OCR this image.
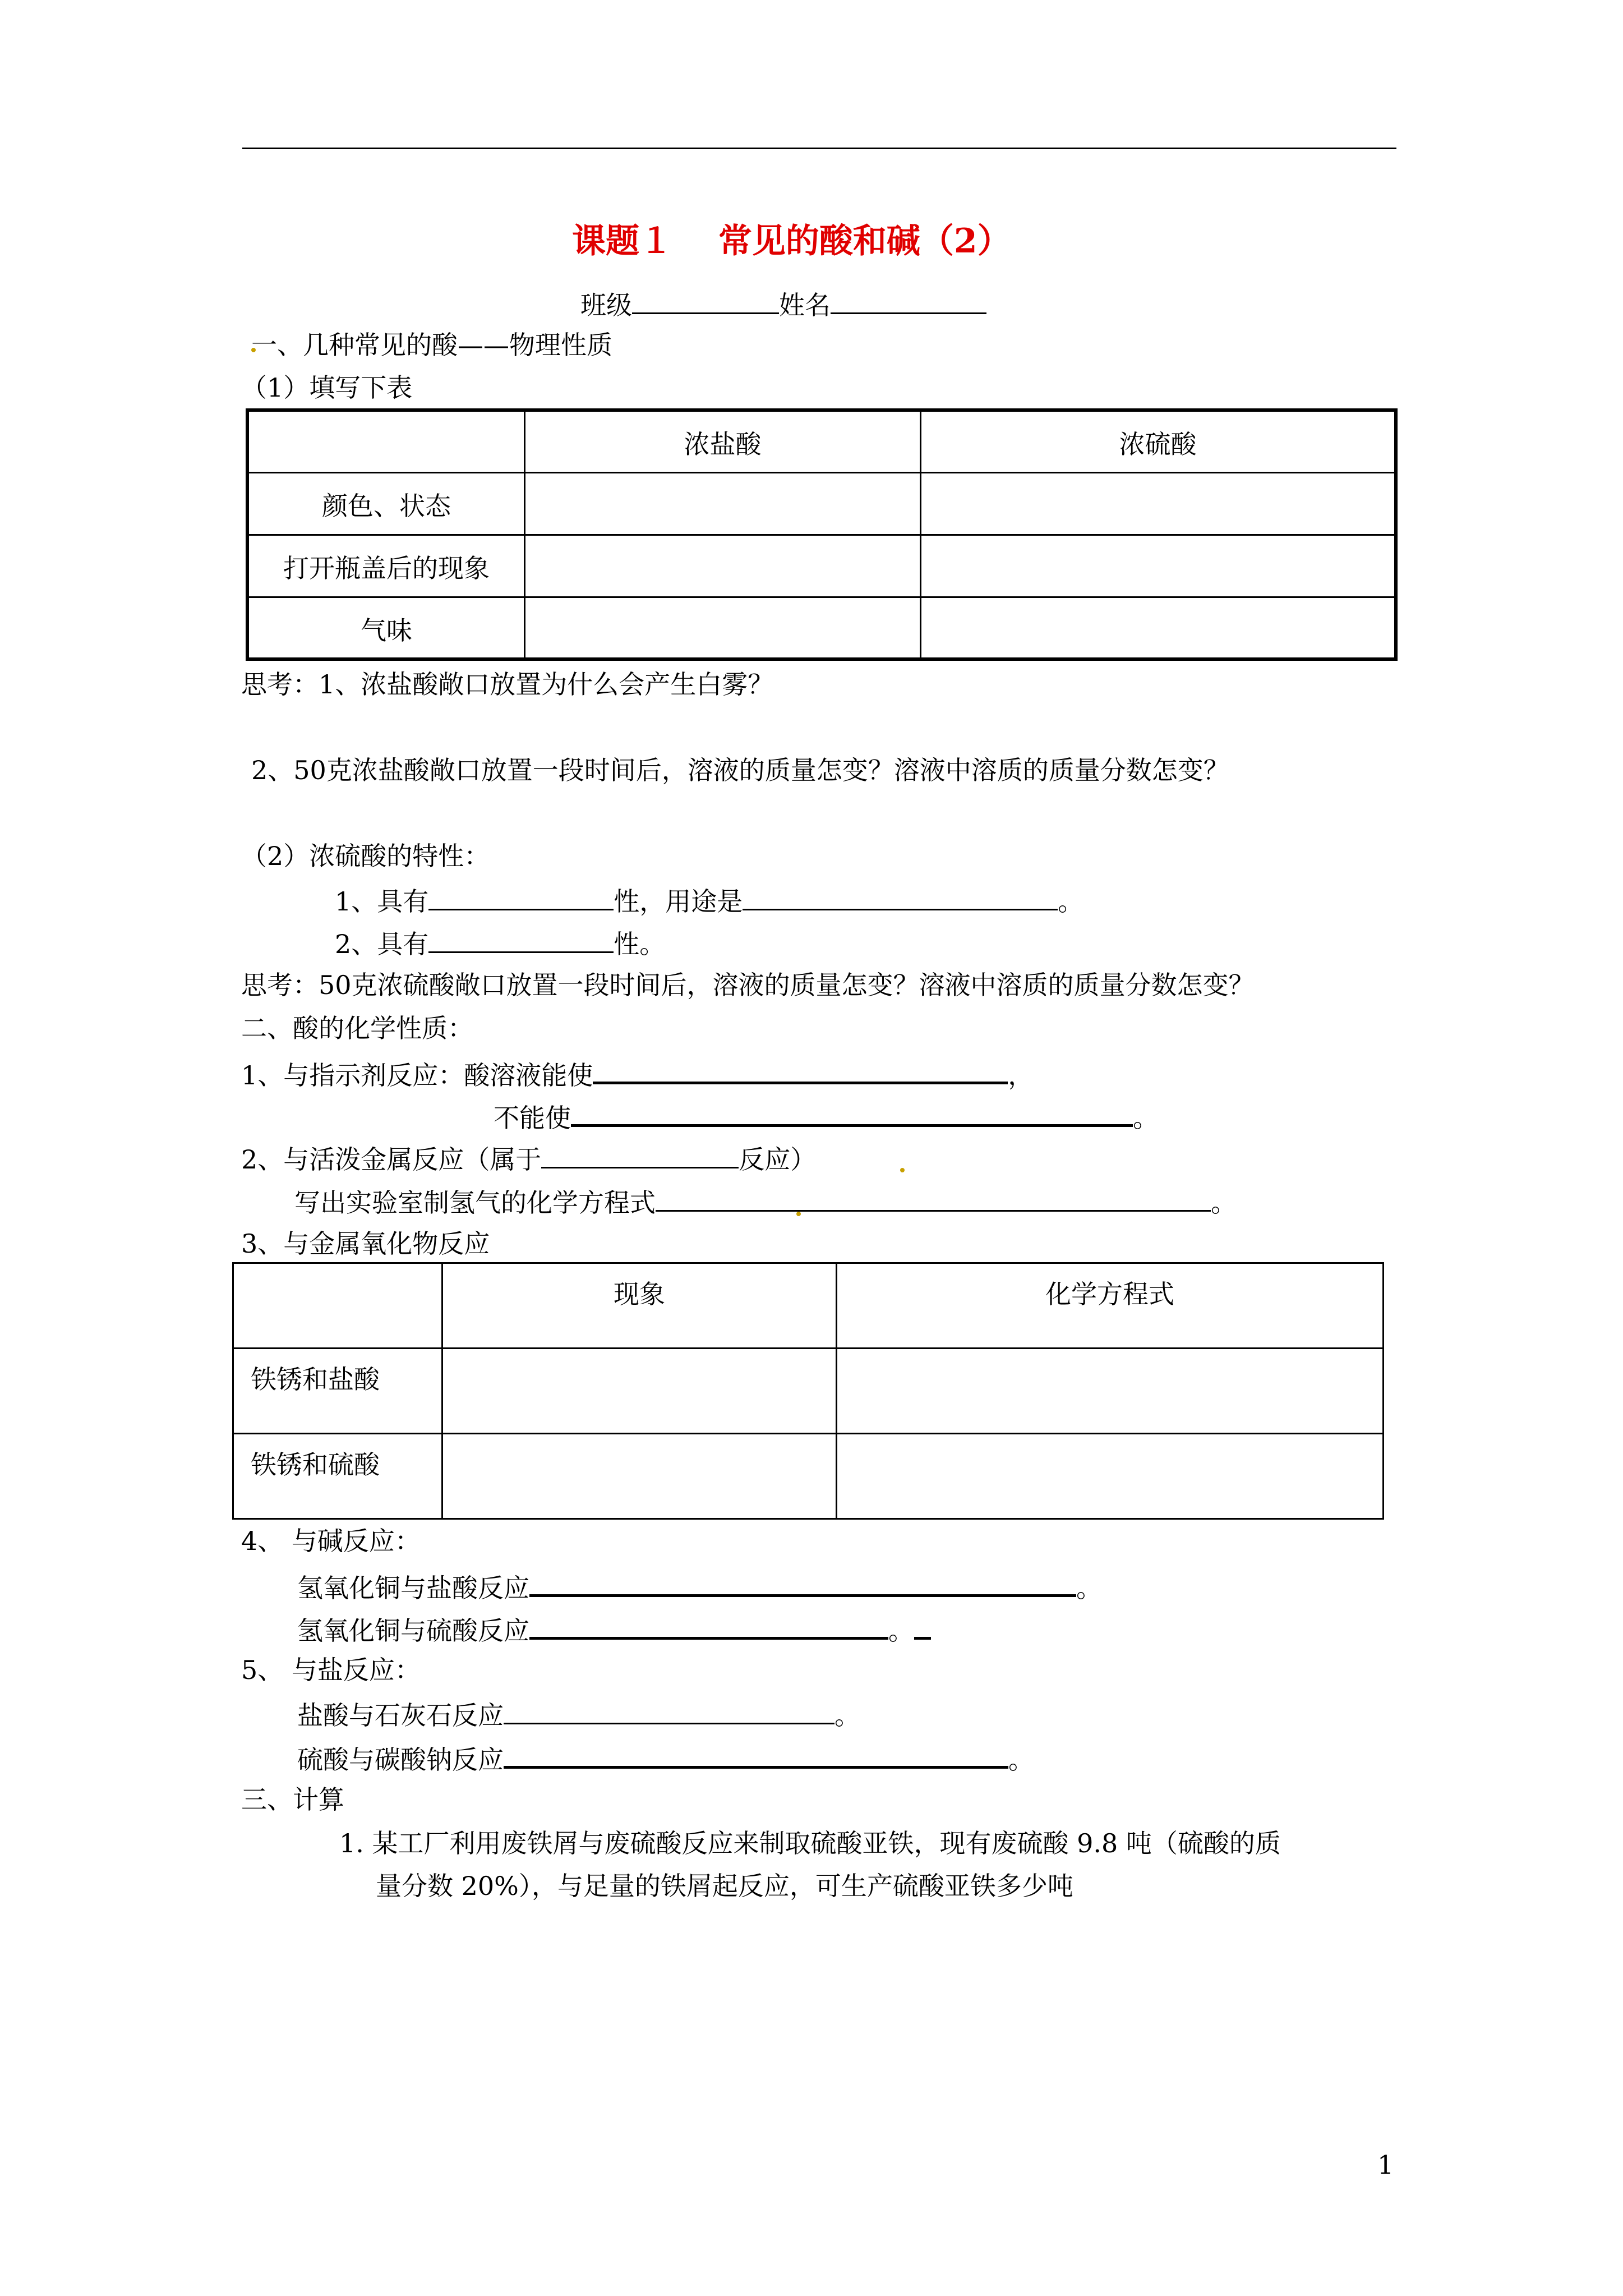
课题１　 常见的酸和碱（2）
班级	姓名
一、几种常见的酸——物理性质
（1）填写下表
	浓盐酸	浓硫酸
颜色、状态		
打开瓶盖后的现象		
气味		
思考：1、浓盐酸敞口放置为什么会产生白雾？
2、50克浓盐酸敞口放置一段时间后，溶液的质量怎变？溶液中溶质的质量分数怎变？
（2）浓硫酸的特性：
1、具有	性，用途是	。
2、具有	性。
思考：50克浓硫酸敞口放置一段时间后，溶液的质量怎变？溶液中溶质的质量分数怎变？
二、酸的化学性质：
1、与指示剂反应：酸溶液能使	，
不能使	。
2、与活泼金属反应（属于	反应）
写出实验室制氢气的化学方程式	。
3、与金属氧化物反应
	现象	化学方程式
铁锈和盐酸		
铁锈和硫酸		
4、 与碱反应：
氢氧化铜与盐酸反应	。
氢氧化铜与硫酸反应	。
5、 与盐反应：
盐酸与石灰石反应	。
硫酸与碳酸钠反应	。
三、计算
1. 某工厂利用废铁屑与废硫酸反应来制取硫酸亚铁，现有废硫酸 9.8 吨（硫酸的质
量分数 20%），与足量的铁屑起反应，可生产硫酸亚铁多少吨
1
